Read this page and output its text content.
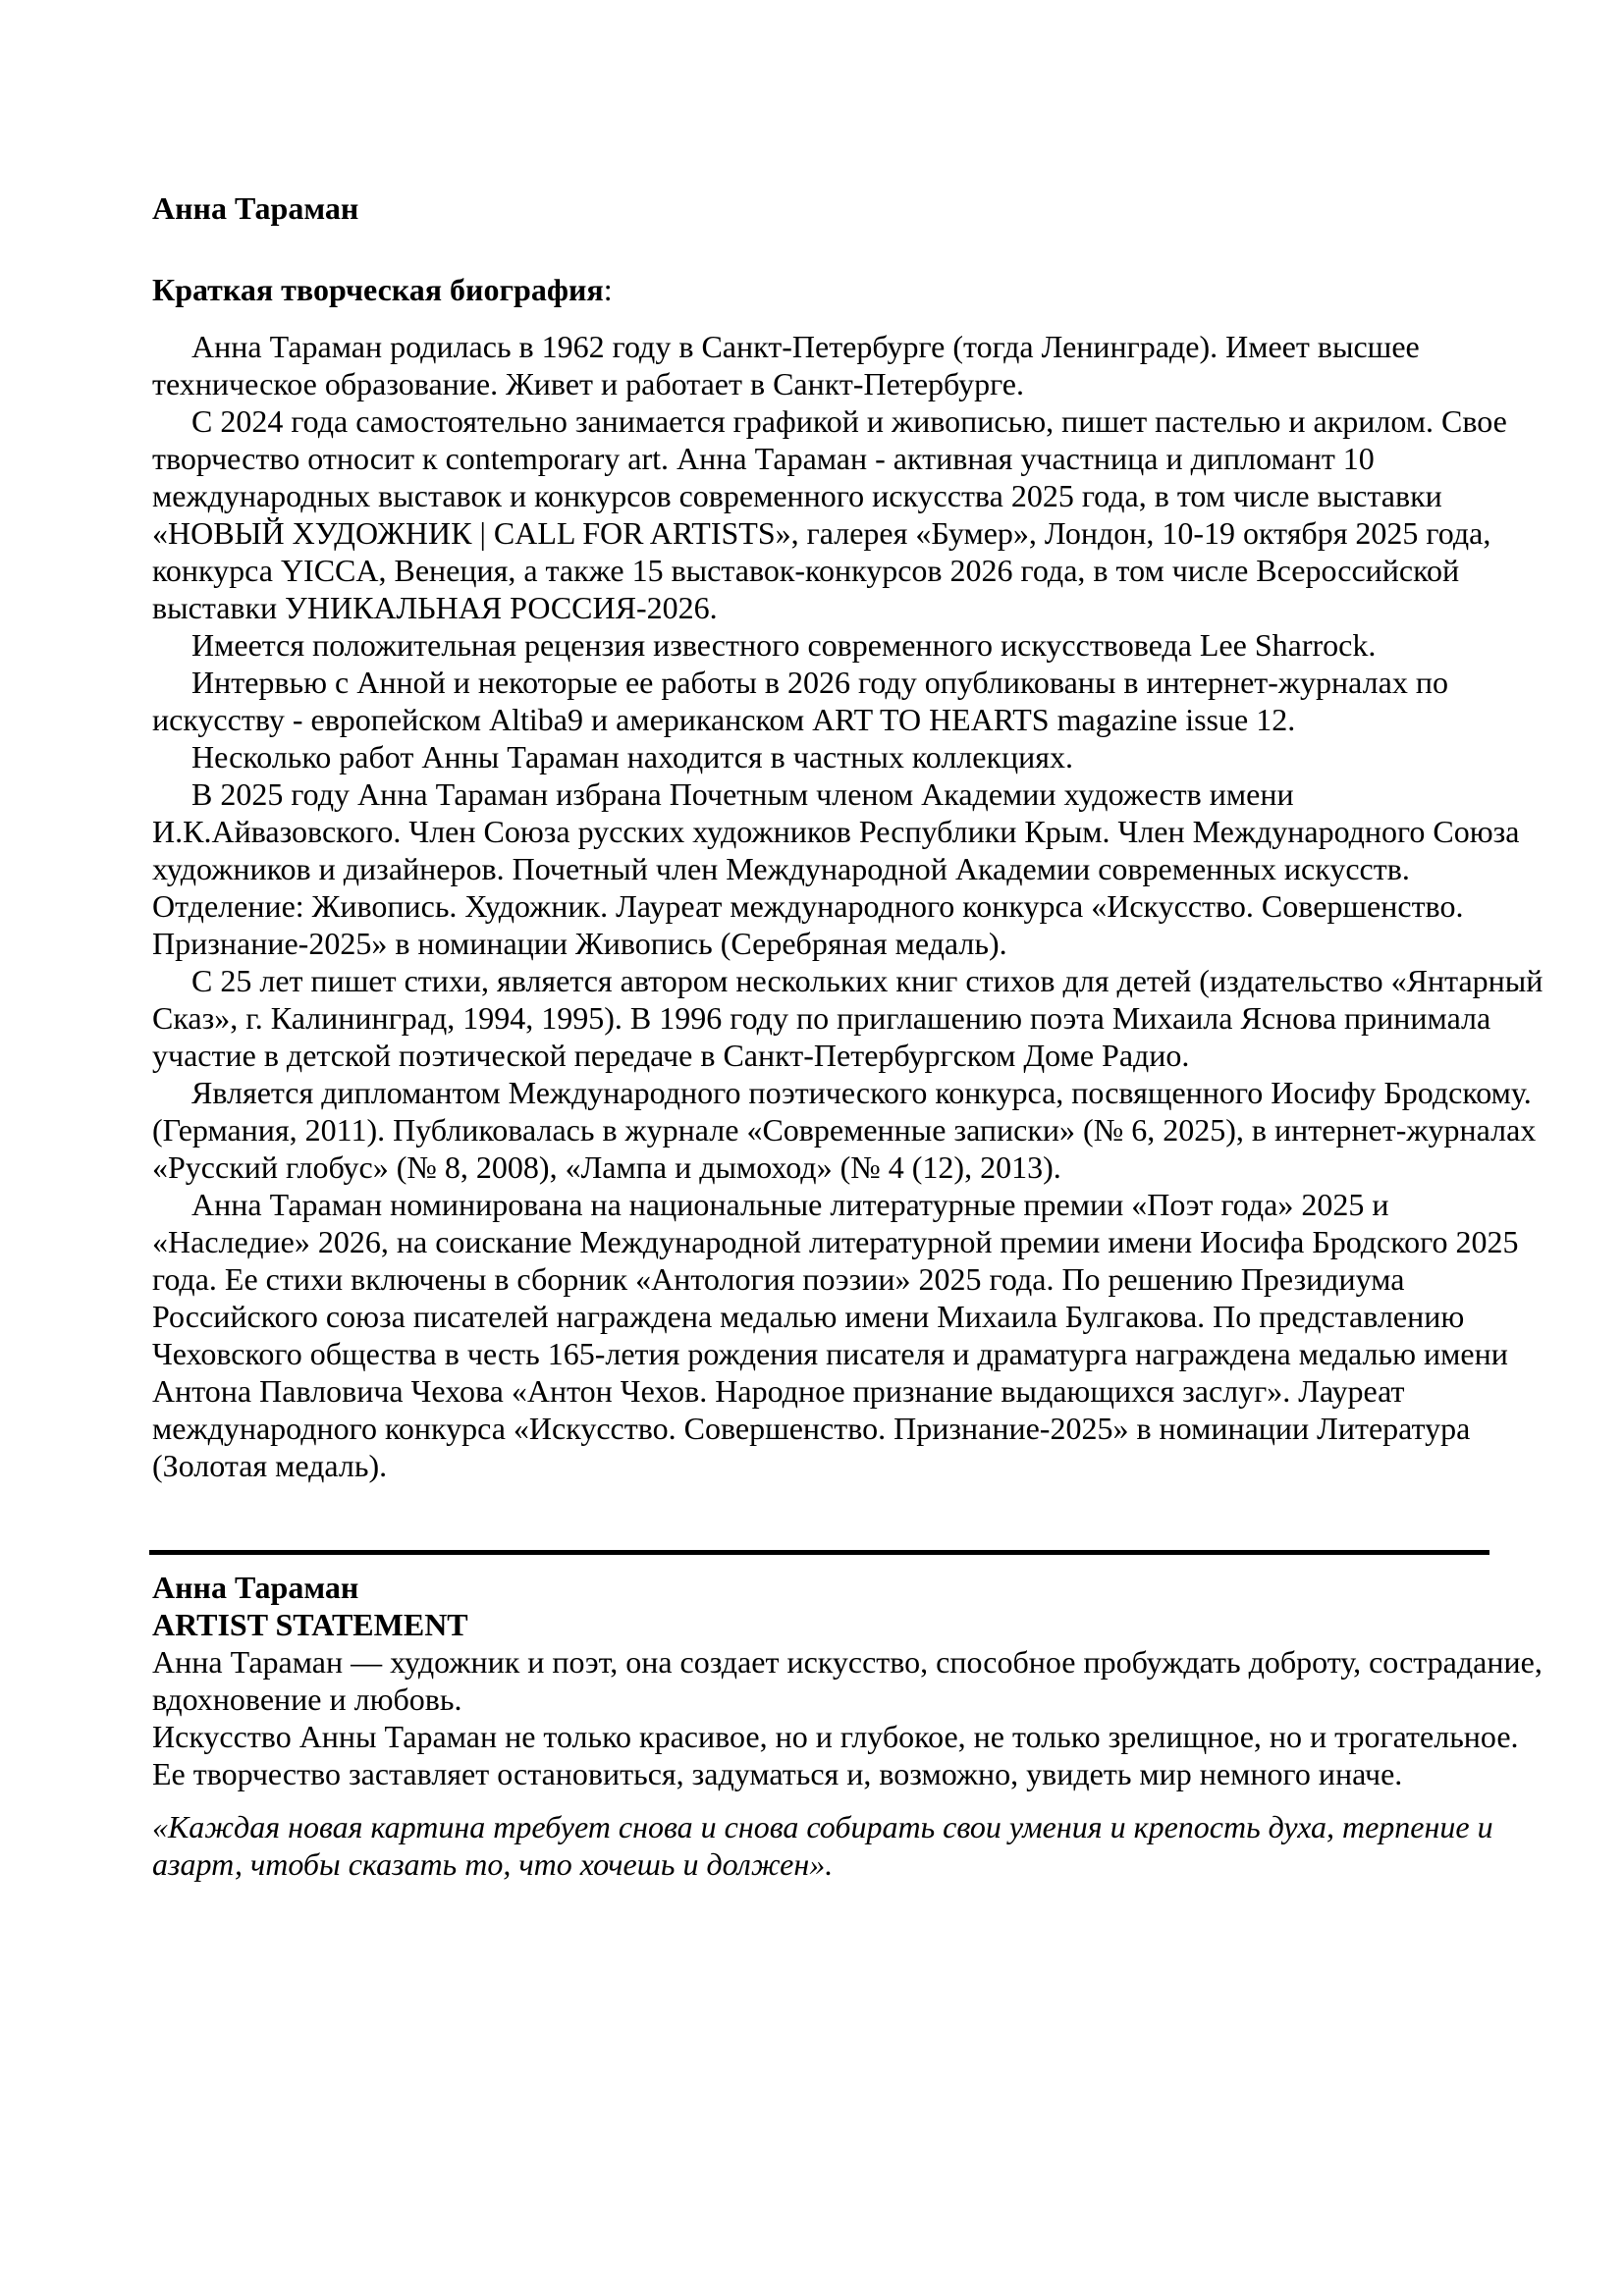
Анна Тараман
Краткая творческая биография:

Анна Тараман родилась в 1962 году в Санкт-Петербурге (тогда Ленинграде). Имеет высшее техническое образование. Живет и работает в Санкт-Петербурге.

С 2024 года самостоятельно занимается графикой и живописью, пишет пастелью и акрилом. Свое творчество относит к contemporary art. Анна Тараман - активная участница и дипломант 10 международных выставок и конкурсов современного искусства 2025 года, в том числе выставки «НОВЫЙ ХУДОЖНИК | CALL FOR ARTISTS», галерея «Бумер», Лондон, 10-19 октября 2025 года, конкурса YICCA, Венеция, а также 15 выставок-конкурсов 2026 года, в том числе Всероссийской выставки УНИКАЛЬНАЯ РОССИЯ-2026.

Имеется положительная рецензия известного современного искусствоведа Lee Sharrock.

Интервью с Анной и некоторые ее работы в 2026 году опубликованы в интернет-журналах по искусству - европейском Altiba9 и американском ART TO HEARTS magazine issue 12.

Несколько работ Анны Тараман находится в частных коллекциях.

В 2025 году Анна Тараман избрана Почетным членом Академии художеств имени И.К.Айвазовского. Член Союза русских художников Республики Крым. Член Международного Союза художников и дизайнеров. Почетный член Международной Академии современных искусств. Отделение: Живопись. Художник. Лауреат международного конкурса «Искусство. Совершенство. Признание-2025» в номинации Живопись (Серебряная медаль).

С 25 лет пишет стихи, является автором нескольких книг стихов для детей (издательство «Янтарный Сказ», г. Калининград, 1994, 1995). В 1996 году по приглашению поэта Михаила Яснова принимала участие в детской поэтической передаче в Санкт-Петербургском Доме Радио.

Является дипломантом Международного поэтического конкурса, посвященного Иосифу Бродскому. (Германия, 2011). Публиковалась в журнале «Современные записки» (№ 6, 2025), в интернет-журналах «Русский глобус» (№ 8, 2008), «Лампа и дымоход» (№ 4 (12), 2013).

Анна Тараман номинирована на национальные литературные премии «Поэт года» 2025 и «Наследие» 2026, на соискание Международной литературной премии имени Иосифа Бродского 2025 года. Ее стихи включены в сборник «Антология поэзии» 2025 года. По решению Президиума Российского союза писателей награждена медалью имени Михаила Булгакова. По представлению Чеховского общества в честь 165-летия рождения писателя и драматурга награждена медалью имени Антона Павловича Чехова «Антон Чехов. Народное признание выдающихся заслуг». Лауреат международного конкурса «Искусство. Совершенство. Признание-2025» в номинации Литература (Золотая медаль).

Анна Тараман

ARTIST STATEMENT

Анна Тараман — художник и поэт, она создает искусство, способное пробуждать доброту, сострадание, вдохновение и любовь.

Искусство Анны Тараман не только красивое, но и глубокое, не только зрелищное, но и трогательное. Ее творчество заставляет остановиться, задуматься и, возможно, увидеть мир немного иначе.

«Каждая новая картина требует снова и снова собирать свои умения и крепость духа, терпение и азарт, чтобы сказать то, что хочешь и должен».
